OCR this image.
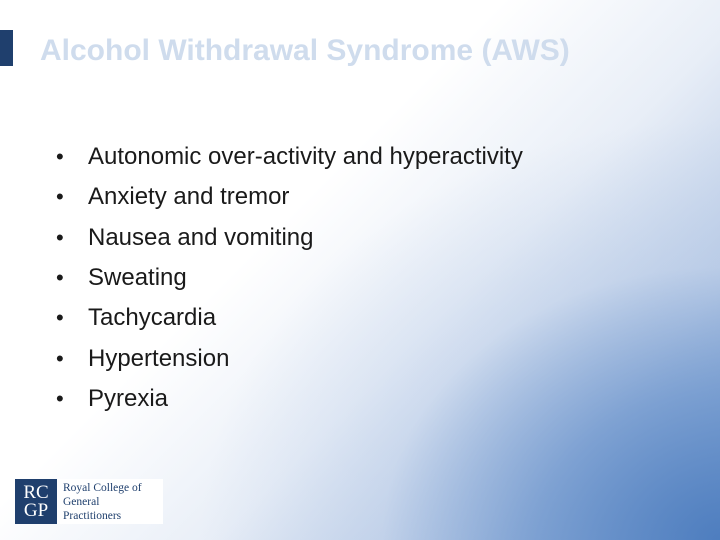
Alcohol Withdrawal Syndrome (AWS)
•	Autonomic over-activity and hyperactivity
•	Anxiety and tremor
•	Nausea and vomiting
•	Sweating
•	Tachycardia
•	Hypertension
•	Pyrexia
RC
GP
Royal College of
General Practitioners
